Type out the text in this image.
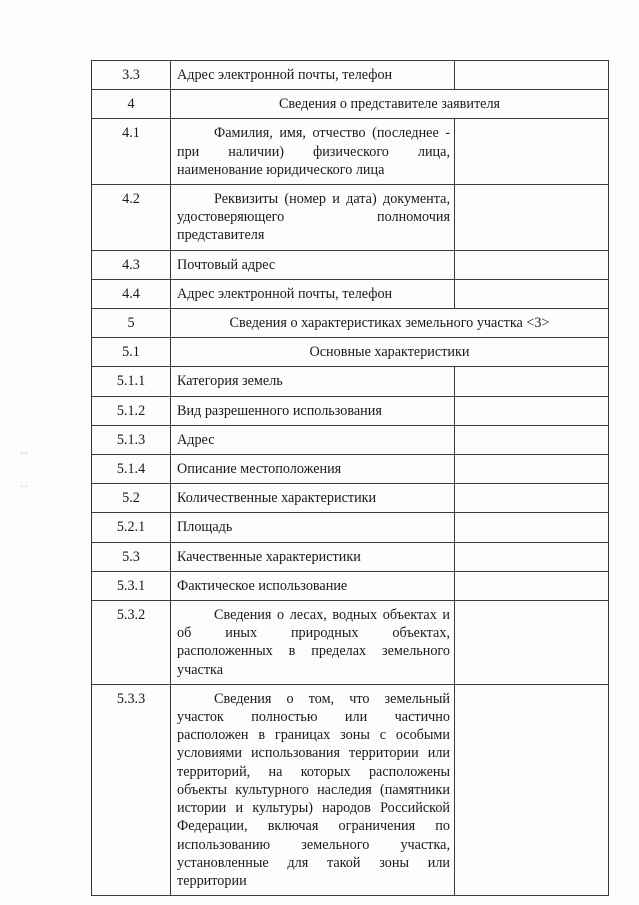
˙˙
˙˙
3.3	Адрес электронной почты, телефон	
4	Сведения о представителе заявителя	
4.1	Фамилия, имя, отчество (последнее - при наличии) физического лица, наименование юридического лица	

4.2	Реквизиты (номер и дата) документа, удостоверяющего полномочия представителя	

4.3	Почтовый адрес	
4.4	Адрес электронной почты, телефон	
5	Сведения о характеристиках земельного участка <3>	
5.1	Основные характеристики	
5.1.1	Категория земель	
5.1.2	Вид разрешенного использования	
5.1.3	Адрес	
5.1.4	Описание местоположения	
5.2	Количественные характеристики	
5.2.1	Площадь	
5.3	Качественные характеристики	
5.3.1	Фактическое использование	
5.3.2	Сведения о лесах, водных объектах и об иных природных объектах, расположенных в пределах земельного участка	

5.3.3	Сведения о том, что земельный участок полностью или частично расположен в границах зоны с особыми условиями использования территории или территорий, на которых расположены объекты культурного наследия (памятники истории и культуры) народов Российской Федерации, включая ограничения по использованию земельного участка, установленные для такой зоны или территории	
